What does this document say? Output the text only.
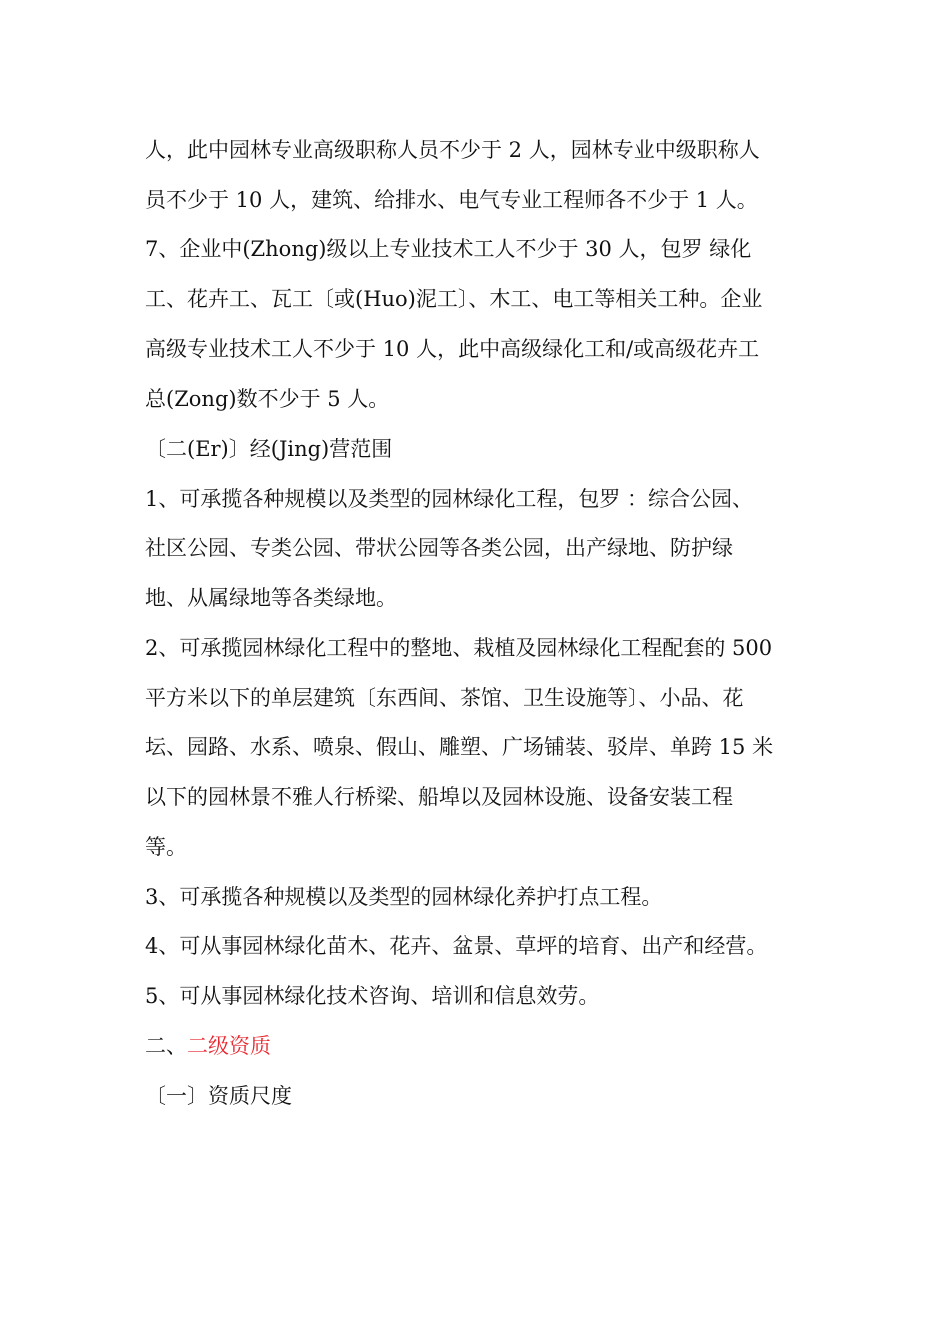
人，此中园林专业高级职称人员不少于 2 人，园林专业中级职称人
员不少于 10 人，建筑、给排水、电气专业工程师各不少于 1 人。
7、企业中(Zhong)级以上专业技术工人不少于 30 人，包罗 绿化
工、花卉工、瓦工〔或(Huo)泥工〕、木工、电工等相关工种。企业
高级专业技术工人不少于 10 人，此中高级绿化工和/或高级花卉工
总(Zong)数不少于 5 人。
〔二(Er)〕经(Jing)营范围
1、可承揽各种规模以及类型的园林绿化工程，包罗 ：综合公园、
社区公园、专类公园、带状公园等各类公园，出产绿地、防护绿
地、从属绿地等各类绿地。
2、可承揽园林绿化工程中的整地、栽植及园林绿化工程配套的 500
平方米以下的单层建筑〔东西间、茶馆、卫生设施等〕、小品、花
坛、园路、水系、喷泉、假山、雕塑、广场铺装、驳岸、单跨 15 米
以下的园林景不雅人行桥梁、船埠以及园林设施、设备安装工程
等。
3、可承揽各种规模以及类型的园林绿化养护打点工程。
4、可从事园林绿化苗木、花卉、盆景、草坪的培育、出产和经营。
5、可从事园林绿化技术咨询、培训和信息效劳。
二、二级资质
〔一〕资质尺度
